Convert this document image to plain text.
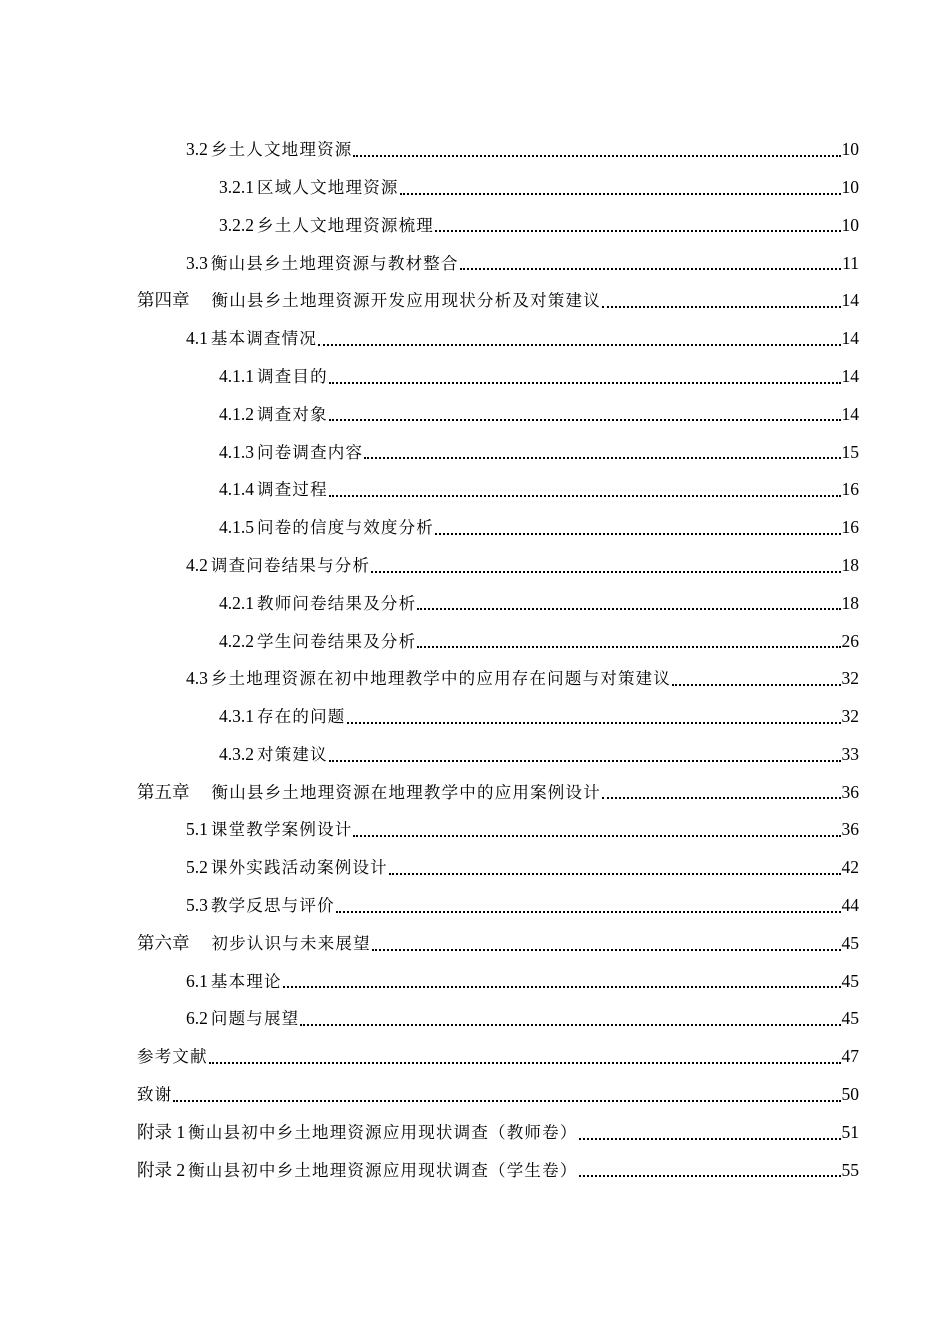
3.2 乡土人文地理资源	10
3.2.1 区域人文地理资源	10
3.2.2 乡土人文地理资源梳理	10
3.3 衡山县乡土地理资源与教材整合	11
第四章 衡山县乡土地理资源开发应用现状分析及对策建议	14
4.1 基本调查情况	14
4.1.1 调查目的	14
4.1.2 调查对象	14
4.1.3 问卷调查内容	15
4.1.4 调查过程	16
4.1.5 问卷的信度与效度分析	16
4.2 调查问卷结果与分析	18
4.2.1 教师问卷结果及分析	18
4.2.2 学生问卷结果及分析	26
4.3 乡土地理资源在初中地理教学中的应用存在问题与对策建议	32
4.3.1 存在的问题	32
4.3.2 对策建议	33
第五章 衡山县乡土地理资源在地理教学中的应用案例设计	36
5.1 课堂教学案例设计	36
5.2 课外实践活动案例设计	42
5.3 教学反思与评价	44
第六章 初步认识与未来展望	45
6.1 基本理论	45
6.2 问题与展望	45
参考文献	47
致谢	50
附录 1 衡山县初中乡土地理资源应用现状调查（教师卷）	51
附录 2 衡山县初中乡土地理资源应用现状调查（学生卷）	55
